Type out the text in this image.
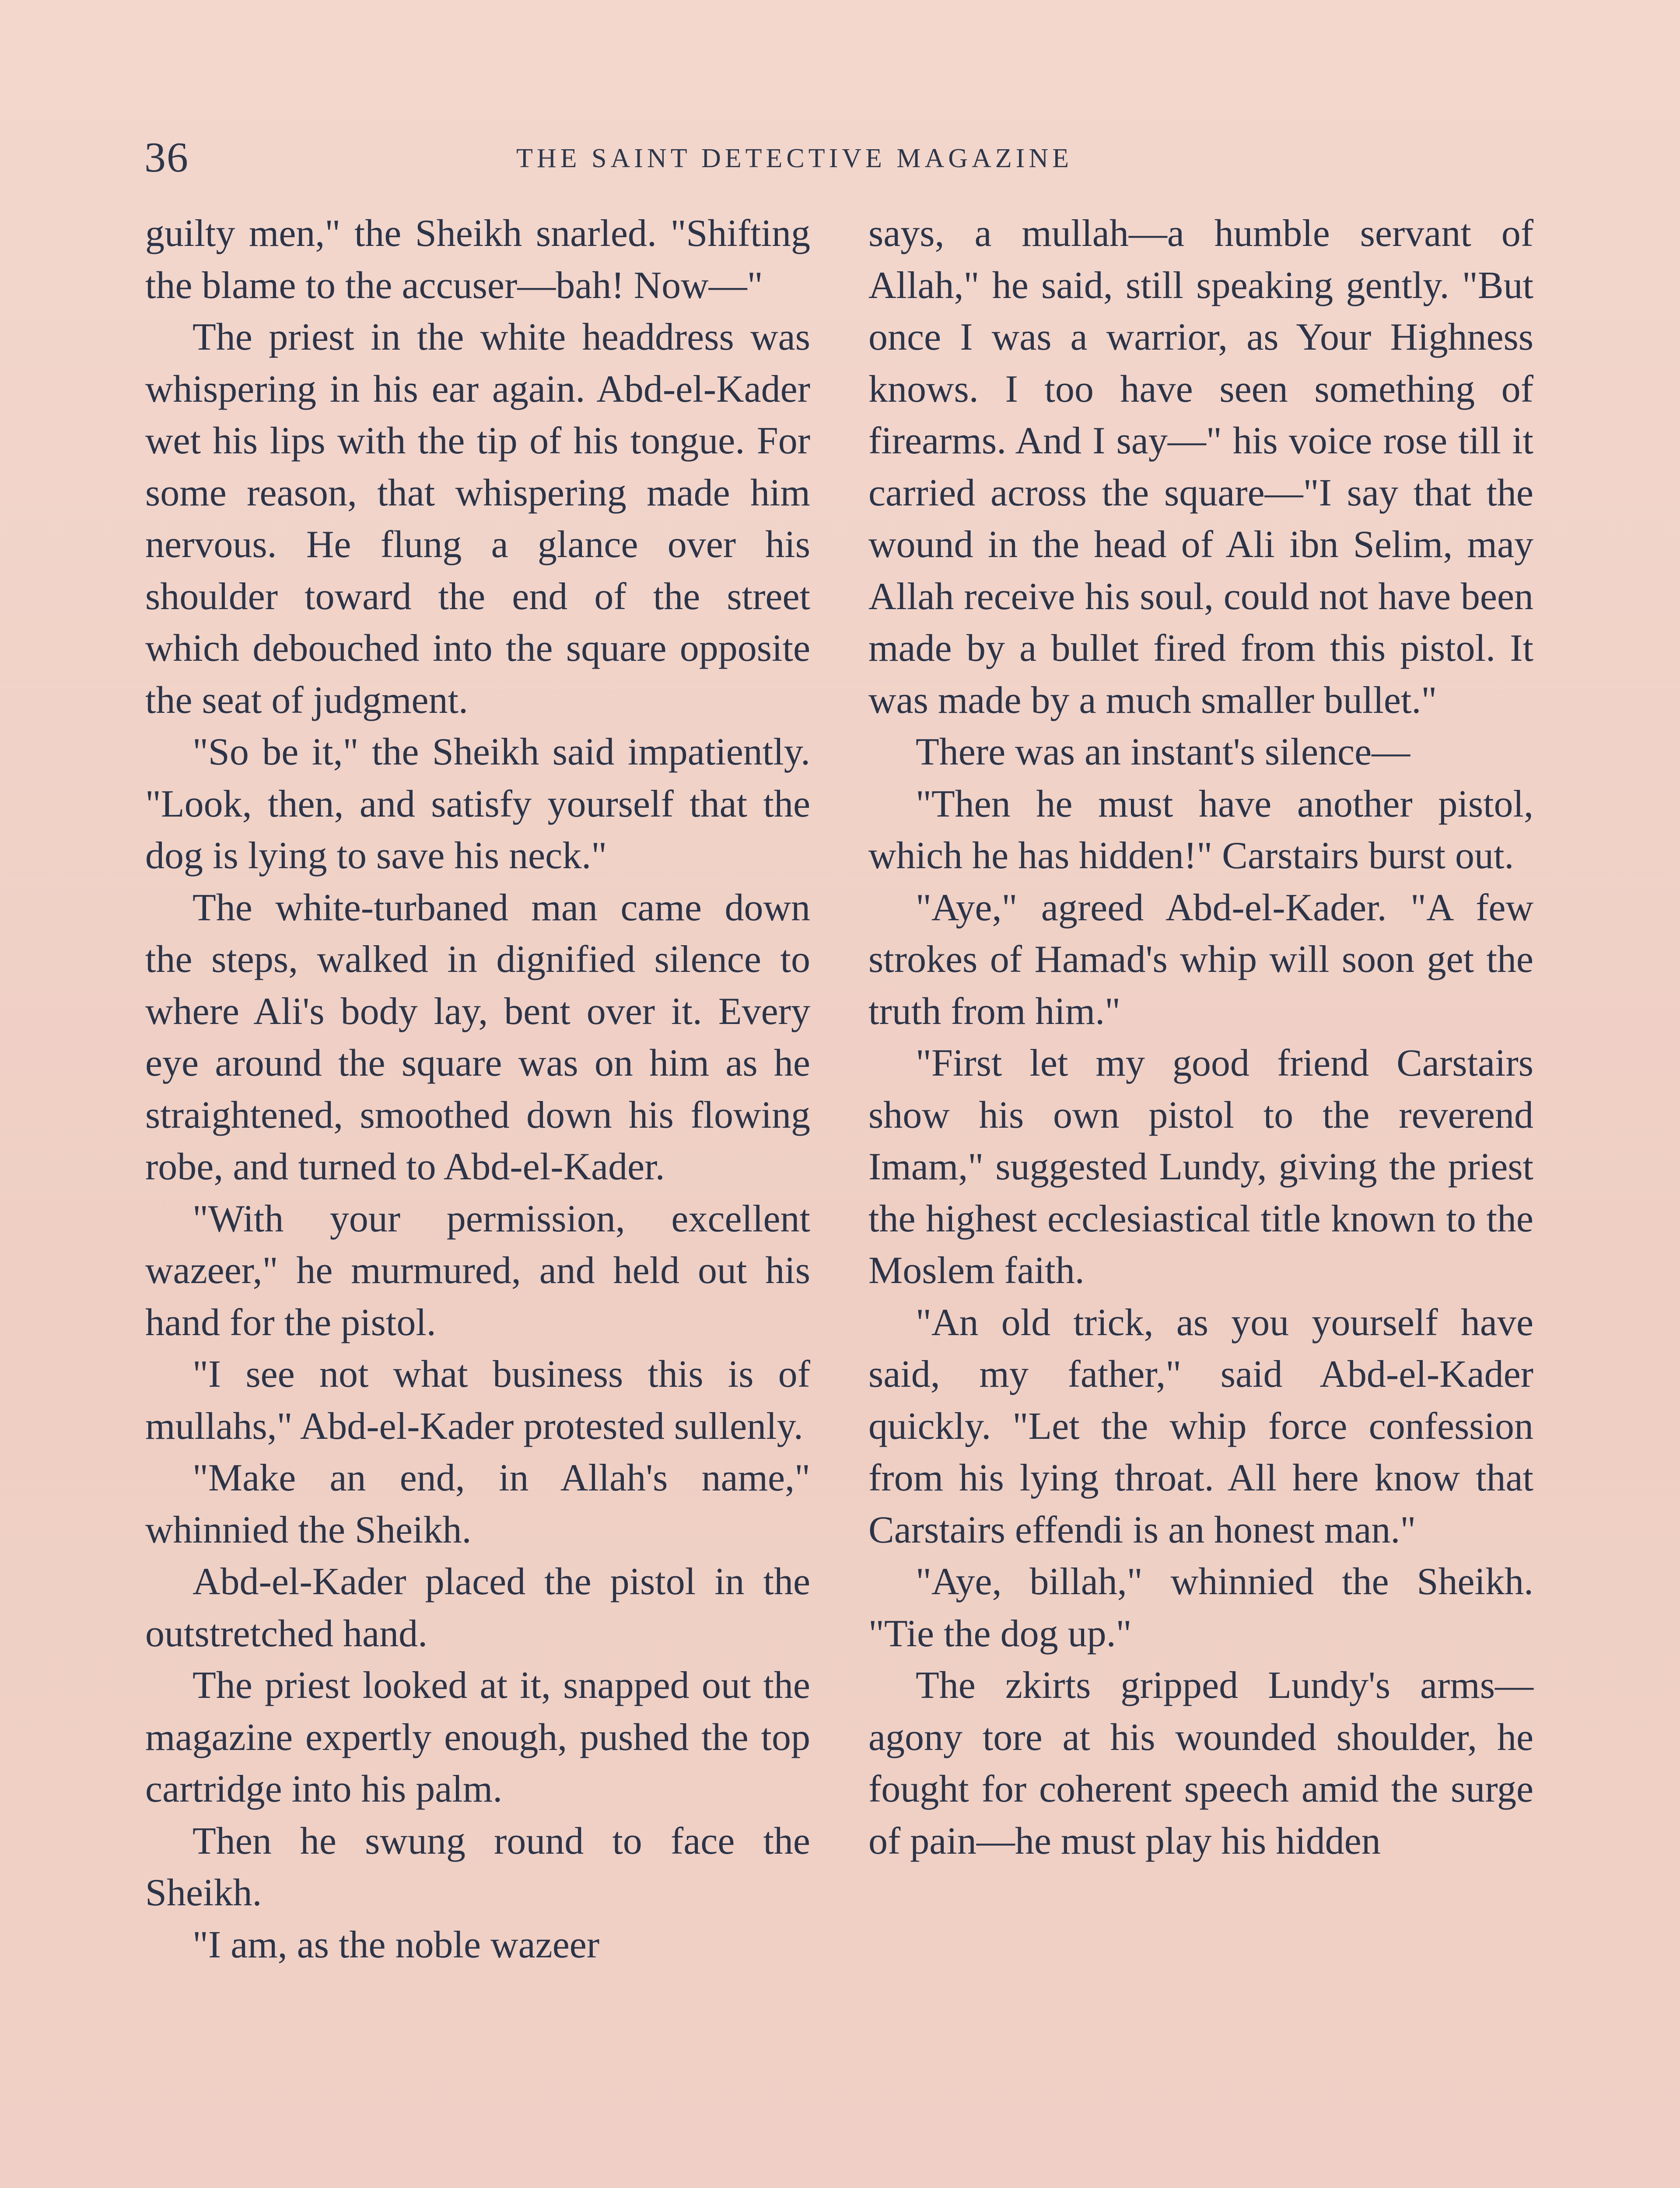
36	THE SAINT DETECTIVE MAGAZINE

guilty men," the Sheikh snarled. "Shifting the blame to the accuser—bah! Now—"

The priest in the white headdress was whispering in his ear again. Abd-el-Kader wet his lips with the tip of his tongue. For some reason, that whispering made him nervous. He flung a glance over his shoulder toward the end of the street which debouched into the square opposite the seat of judgment.

"So be it," the Sheikh said impatiently. "Look, then, and satisfy yourself that the dog is lying to save his neck."

The white-turbaned man came down the steps, walked in dignified silence to where Ali's body lay, bent over it. Every eye around the square was on him as he straightened, smoothed down his flowing robe, and turned to Abd-el-Kader.

"With your permission, excellent wazeer," he murmured, and held out his hand for the pistol.

"I see not what business this is of mullahs," Abd-el-Kader protested sullenly.

"Make an end, in Allah's name," whinnied the Sheikh.

Abd-el-Kader placed the pistol in the outstretched hand.

The priest looked at it, snapped out the magazine expertly enough, pushed the top cartridge into his palm.

Then he swung round to face the Sheikh.

"I am, as the noble wazeer

says, a mullah—a humble servant of Allah," he said, still speaking gently. "But once I was a warrior, as Your Highness knows. I too have seen something of firearms. And I say—" his voice rose till it carried across the square—"I say that the wound in the head of Ali ibn Selim, may Allah receive his soul, could not have been made by a bullet fired from this pistol. It was made by a much smaller bullet."

There was an instant's silence—

"Then he must have another pistol, which he has hidden!" Carstairs burst out.

"Aye," agreed Abd-el-Kader. "A few strokes of Hamad's whip will soon get the truth from him."

"First let my good friend Carstairs show his own pistol to the reverend Imam," suggested Lundy, giving the priest the highest ecclesiastical title known to the Moslem faith.

"An old trick, as you yourself have said, my father," said Abd-el-Kader quickly. "Let the whip force confession from his lying throat. All here know that Carstairs effendi is an honest man."

"Aye, billah," whinnied the Sheikh. "Tie the dog up."

The zkirts gripped Lundy's arms—agony tore at his wounded shoulder, he fought for coherent speech amid the surge of pain—he must play his hidden
